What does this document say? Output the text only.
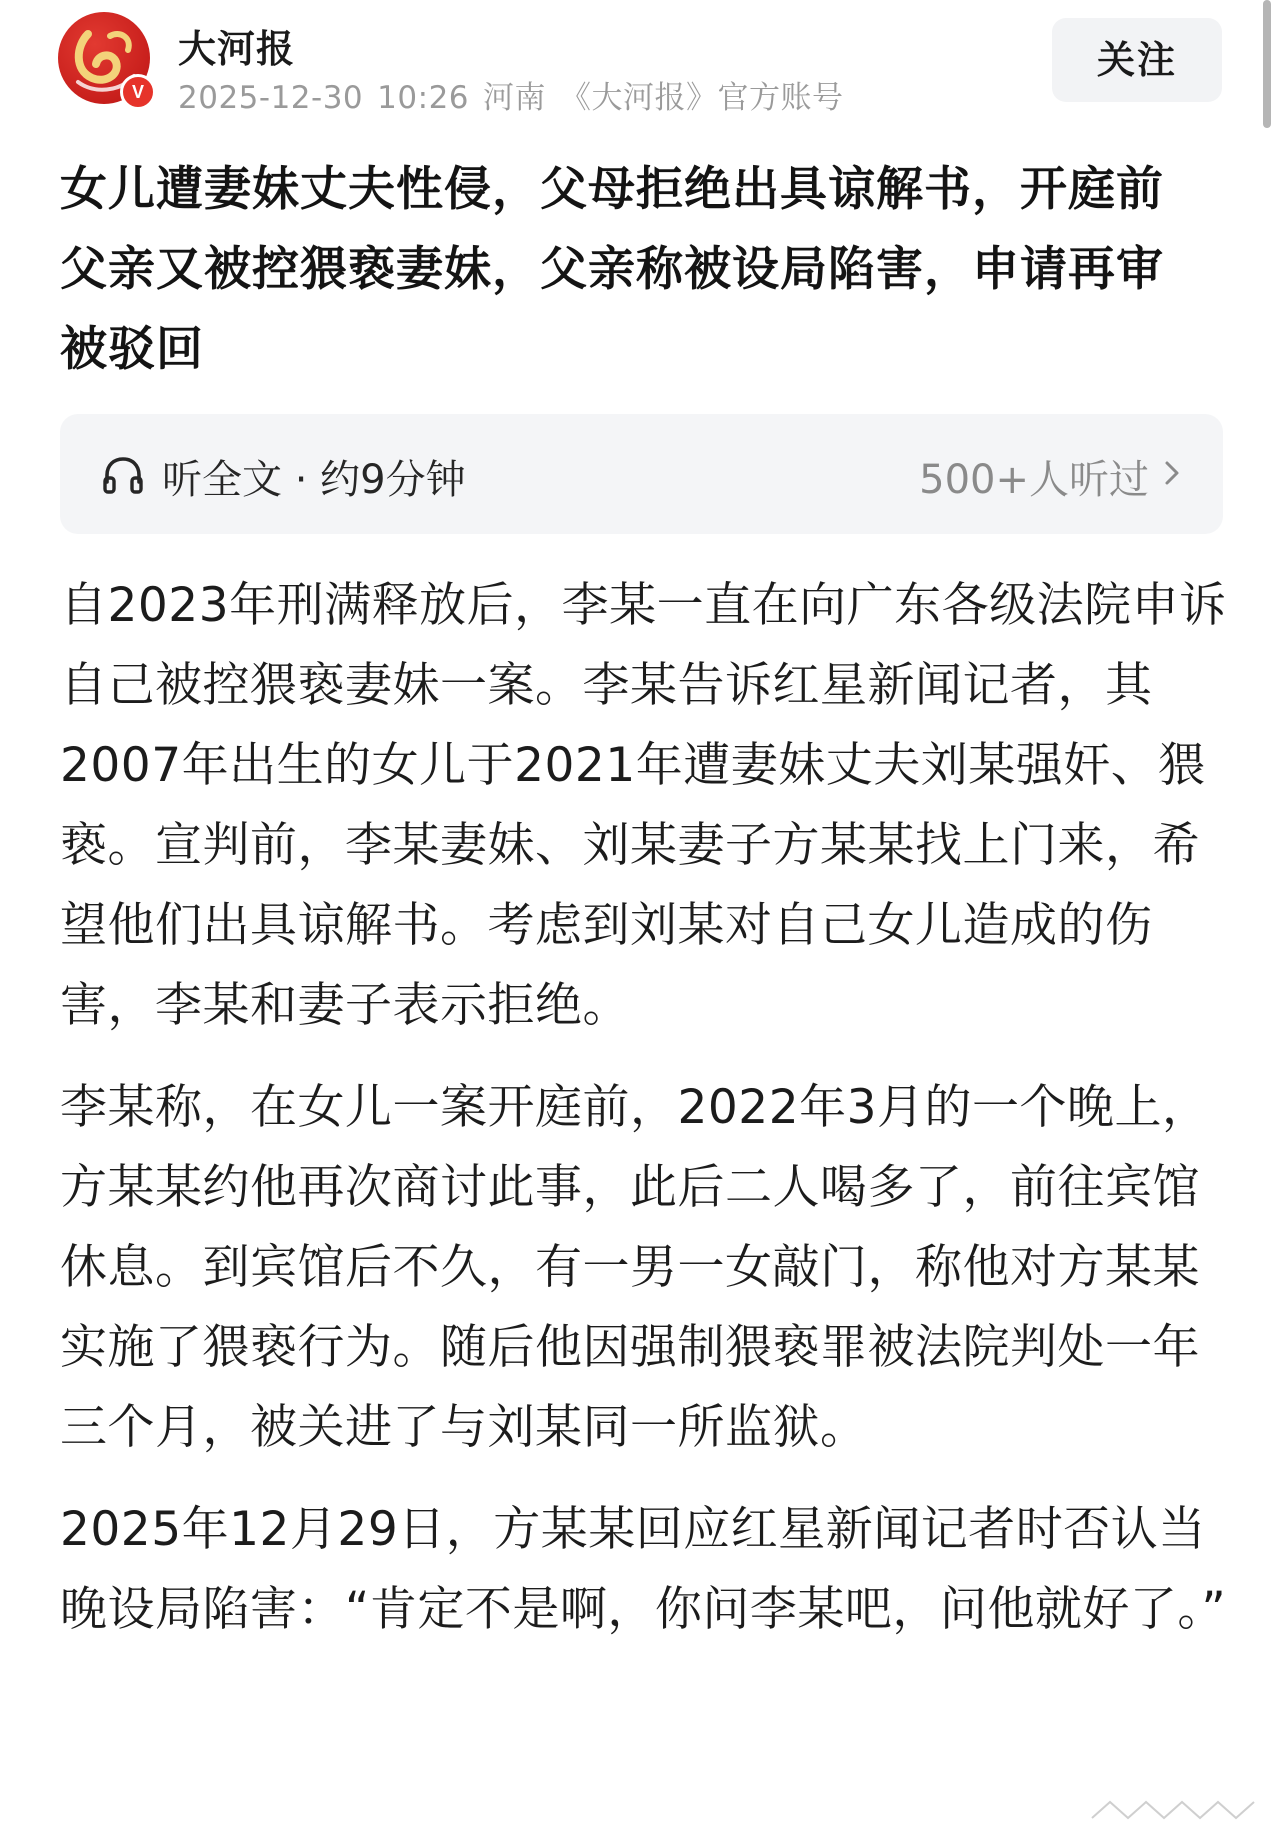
V
大河报
2025-12-30 10:26 河南 《大河报》官方账号
关注
女儿遭妻妹丈夫性侵，父母拒绝出具谅解书，开庭前父亲又被控猥亵妻妹，父亲称被设局陷害，申请再审被驳回
听全文 · 约9分钟	500+人听过

自2023年刑满释放后，李某一直在向广东各级法院申诉自己被控猥亵妻妹一案。李某告诉红星新闻记者，其2007年出生的女儿于2021年遭妻妹丈夫刘某强奸、猥亵。宣判前，李某妻妹、刘某妻子方某某找上门来，希望他们出具谅解书。考虑到刘某对自己女儿造成的伤害，李某和妻子表示拒绝。

李某称，在女儿一案开庭前，2022年3月的一个晚上，方某某约他再次商讨此事，此后二人喝多了，前往宾馆休息。到宾馆后不久，有一男一女敲门，称他对方某某实施了猥亵行为。随后他因强制猥亵罪被法院判处一年三个月，被关进了与刘某同一所监狱。

2025年12月29日，方某某回应红星新闻记者时否认当晚设局陷害：“肯定不是啊，你问李某吧，问他就好了。”
